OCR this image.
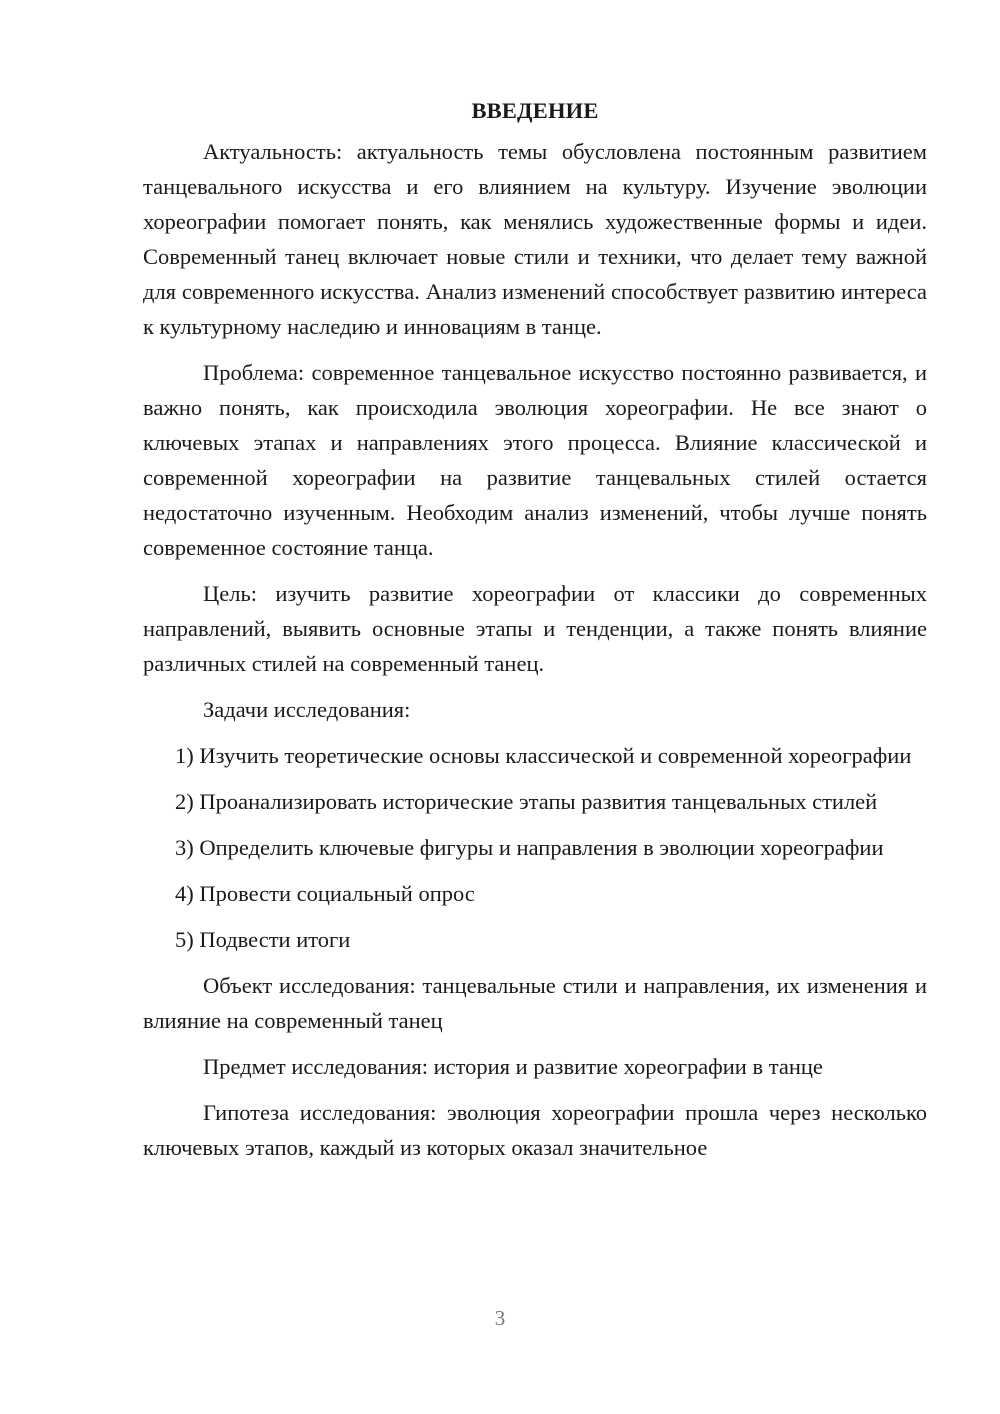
ВВЕДЕНИЕ

Актуальность: актуальность темы обусловлена постоянным развитием танцевального искусства и его влиянием на культуру. Изучение эволюции хореографии помогает понять, как менялись художественные формы и идеи. Современный танец включает новые стили и техники, что делает тему важной для современного искусства. Анализ изменений способствует развитию интереса к культурному наследию и инновациям в танце.

Проблема: современное танцевальное искусство постоянно развивается, и важно понять, как происходила эволюция хореографии. Не все знают о ключевых этапах и направлениях этого процесса. Влияние классической и современной хореографии на развитие танцевальных стилей остается недостаточно изученным. Необходим анализ изменений, чтобы лучше понять современное состояние танца.

Цель: изучить развитие хореографии от классики до современных направлений, выявить основные этапы и тенденции, а также понять влияние различных стилей на современный танец.

Задачи исследования:

1) Изучить теоретические основы классической и современной хореографии

2) Проанализировать исторические этапы развития танцевальных стилей

3) Определить ключевые фигуры и направления в эволюции хореографии

4) Провести социальный опрос

5) Подвести итоги

Объект исследования: танцевальные стили и направления, их изменения и влияние на современный танец

Предмет исследования: история и развитие хореографии в танце

Гипотеза исследования: эволюция хореографии прошла через несколько ключевых этапов, каждый из которых оказал значительное

3
